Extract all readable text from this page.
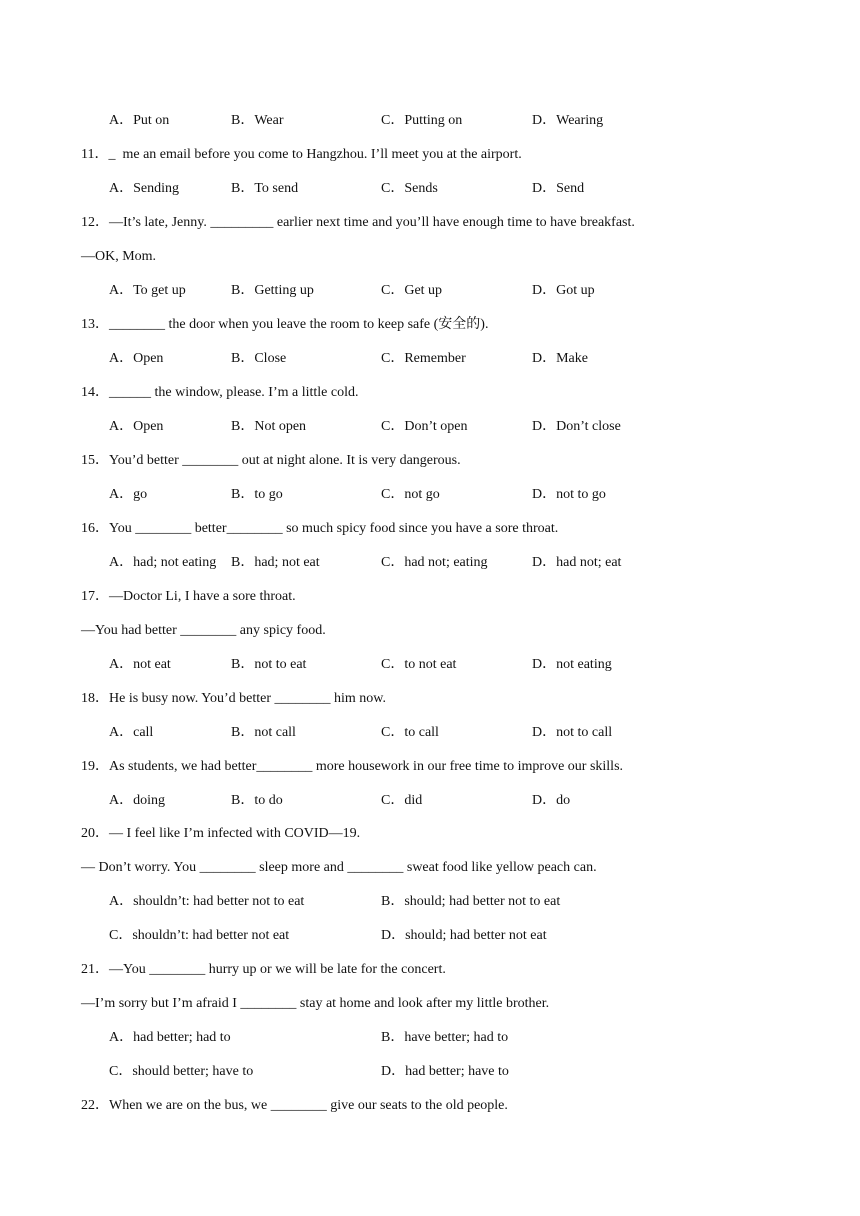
A．Put on	B．Wear	C．Putting on	D．Wearing
11．_  me an email before you come to Hangzhou. I’ll meet you at the airport.
A．Sending	B．To send	C．Sends	D．Send
12．—It’s late, Jenny. _________ earlier next time and you’ll have enough time to have breakfast.
—OK, Mom.
A．To get up	B．Getting up	C．Get up	D．Got up
13．________ the door when you leave the room to keep safe (安全的).
A．Open	B．Close	C．Remember	D．Make
14．______ the window, please. I’m a little cold.
A．Open	B．Not open	C．Don’t open	D．Don’t close
15．You’d better ________ out at night alone. It is very dangerous.
A．go	B．to go	C．not go	D．not to go
16．You ________ better________ so much spicy food since you have a sore throat.
A．had; not eating B．had; not eat	C．had not; eating	D．had not; eat
17．—Doctor Li, I have a sore throat.
—You had better ________ any spicy food.
A．not eat	B．not to eat	C．to not eat	D．not eating
18．He is busy now. You’d better ________ him now.
A．call	B．not call	C．to call	D．not to call
19．As students, we had better________ more housework in our free time to improve our skills.
A．doing	B．to do	C．did	D．do
20．— I feel like I’m infected with COVID—19.
— Don’t worry. You ________ sleep more and ________ sweat food like yellow peach can.
A．shouldn’t: had better not to eat	B．should; had better not to eat
C．shouldn’t: had better not eat	D．should; had better not eat
21．—You ________ hurry up or we will be late for the concert.
—I’m sorry but I’m afraid I ________ stay at home and look after my little brother.
A．had better; had to	B．have better; had to
C．should better; have to	D．had better; have to
22．When we are on the bus, we ________ give our seats to the old people.
